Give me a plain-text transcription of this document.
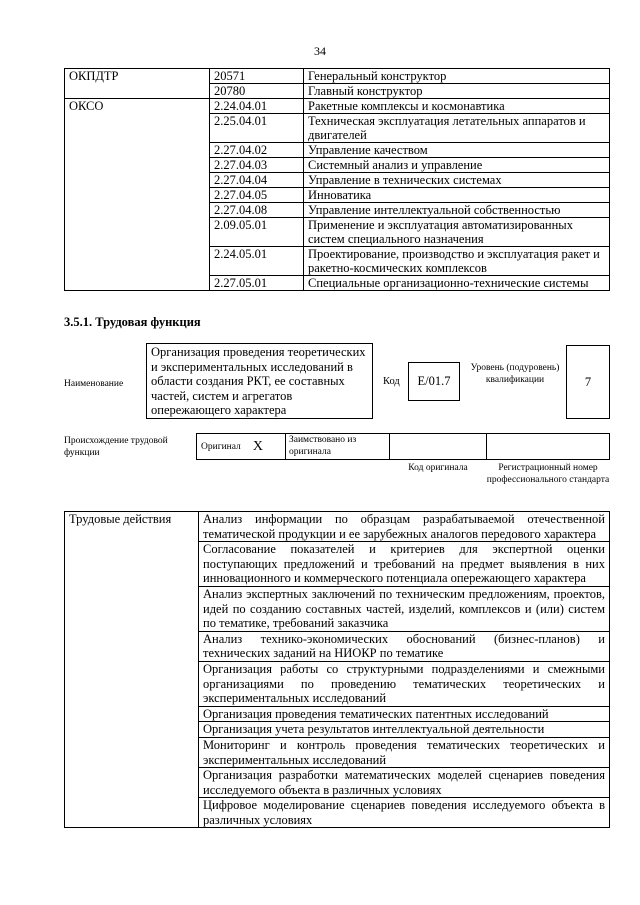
34
ОКПДТР	20571	Генеральный конструктор
	20780	Главный конструктор
ОКСО	2.24.04.01	Ракетные комплексы и космонавтика
	2.25.04.01	Техническая эксплуатация летательных аппаратов и двигателей
	2.27.04.02	Управление качеством
	2.27.04.03	Системный анализ и управление
	2.27.04.04	Управление в технических системах
	2.27.04.05	Инноватика
	2.27.04.08	Управление интеллектуальной собственностью
	2.09.05.01	Применение и эксплуатация автоматизированных систем специального назначения
	2.24.05.01	Проектирование, производство и эксплуатация ракет и ракетно-космических комплексов
	2.27.05.01	Специальные организационно-технические системы
3.5.1. Трудовая функция
Наименование
Организация проведения теоретических и экспериментальных исследований в области создания РКТ, ее составных частей, систем и агрегатов опережающего характера
Код	E/01.7
Уровень (подуровень) квалификации	7
Происхождение трудовой функции
Оригинал X	Заимствовано из оригинала
Код оригинала	Регистрационный номер профессионального стандарта
Трудовые действия	Анализ информации по образцам разрабатываемой отечественной тематической продукции и ее зарубежных аналогов передового характера
Согласование показателей и критериев для экспертной оценки поступающих предложений и требований на предмет выявления в них инновационного и коммерческого потенциала опережающего характера
Анализ экспертных заключений по техническим предложениям, проектов, идей по созданию составных частей, изделий, комплексов и (или) систем по тематике, требований заказчика
Анализ технико-экономических обоснований (бизнес-планов) и технических заданий на НИОКР по тематике
Организация работы со структурными подразделениями и смежными организациями по проведению тематических теоретических и экспериментальных исследований
Организация проведения тематических патентных исследований
Организация учета результатов интеллектуальной деятельности
Мониторинг и контроль проведения тематических теоретических и экспериментальных исследований
Организация разработки математических моделей сценариев поведения исследуемого объекта в различных условиях
Цифровое моделирование сценариев поведения исследуемого объекта в различных условиях
